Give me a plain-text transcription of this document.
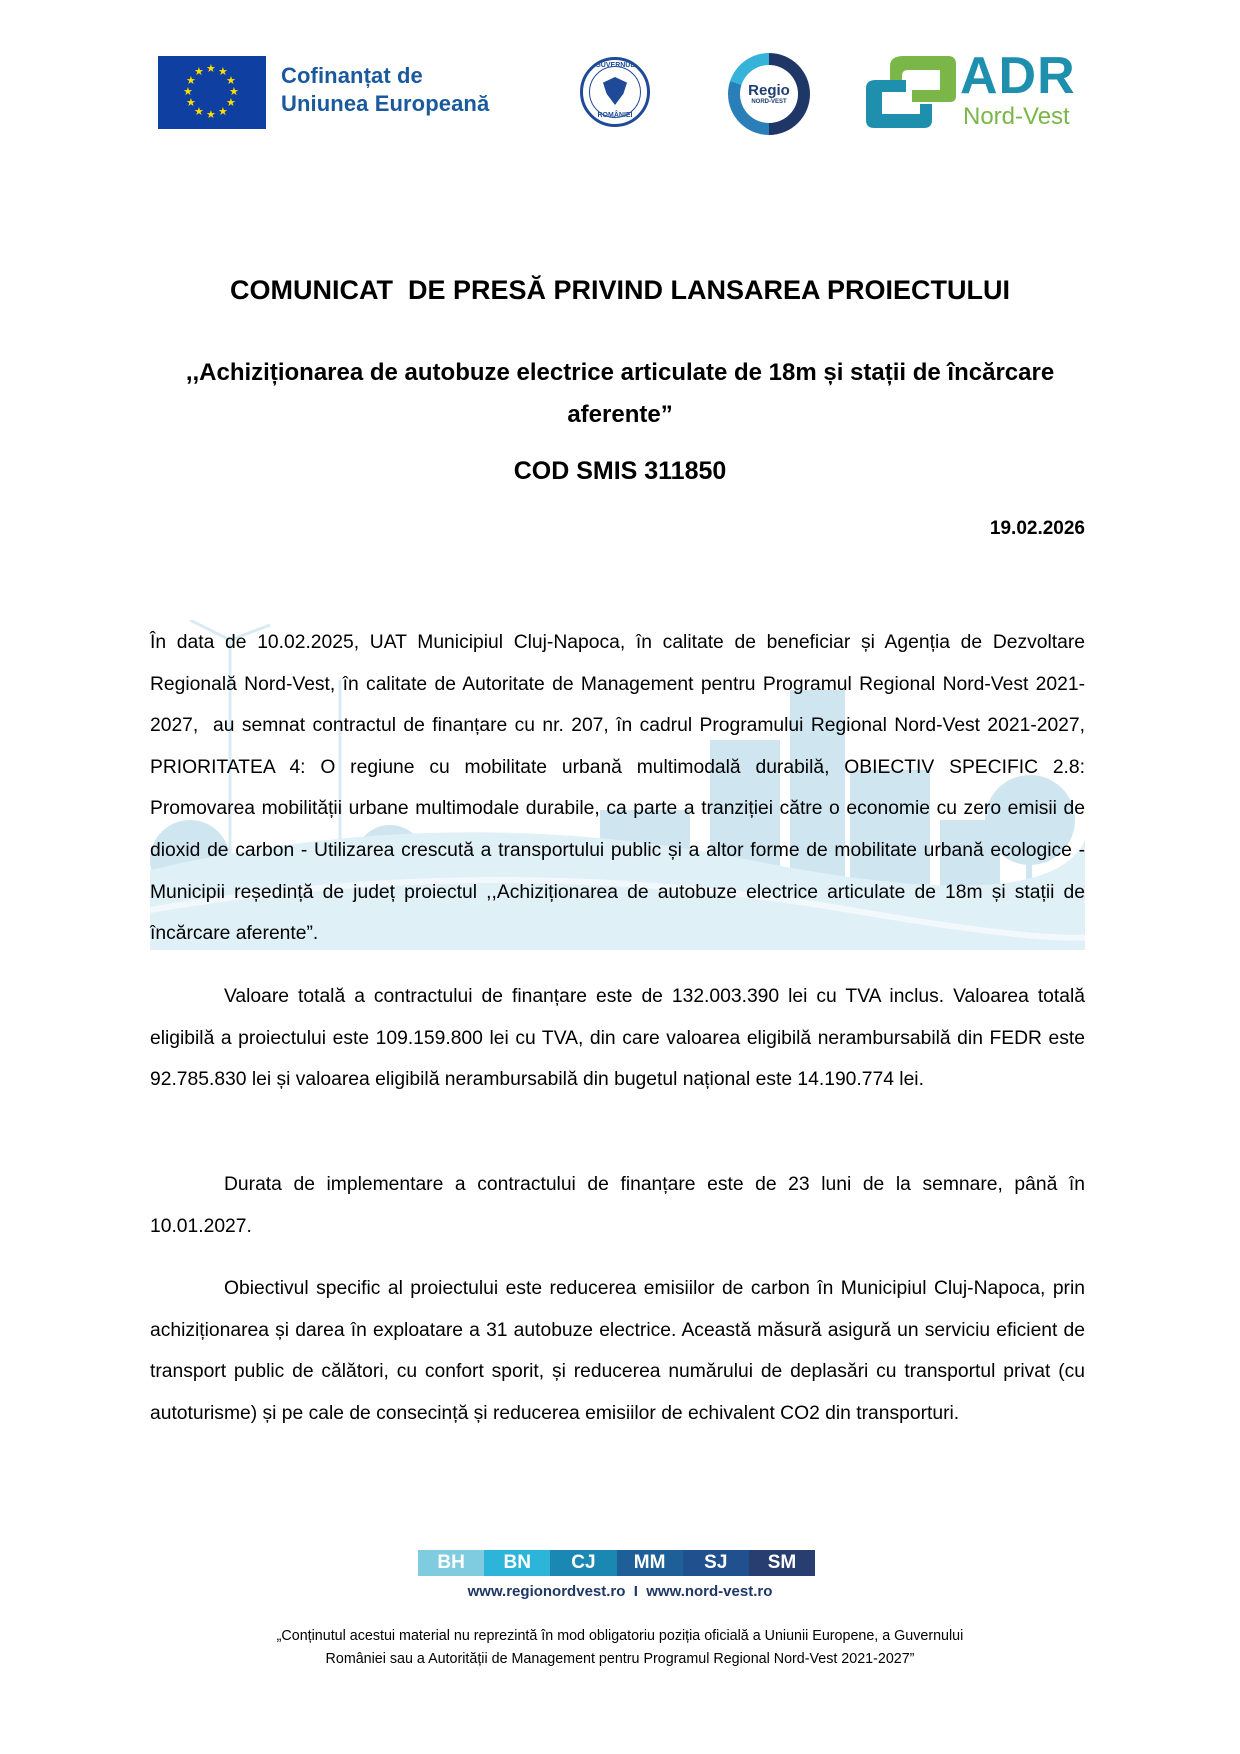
★ ★
★
★
★
★
★
★
★
★
★
★	Cofinanțat de
Uniunea Europeană
GUVERNUL
ROMÂNIEI
Regio
NORD-VEST	ADR
Nord-Vest
COMUNICAT  DE PRESĂ PRIVIND LANSAREA PROIECTULUI
,,Achiziționarea de autobuze electrice articulate de 18m și stații de încărcare aferente”
COD SMIS 311850
19.02.2026
În data de 10.02.2025, UAT Municipiul Cluj-Napoca, în calitate de beneficiar și Agenția de Dezvoltare Regională Nord-Vest, în calitate de Autoritate de Management pentru Programul Regional Nord-Vest 2021-2027,  au semnat contractul de finanțare cu nr. 207, în cadrul Programului Regional Nord-Vest 2021-2027, PRIORITATEA 4: O regiune cu mobilitate urbană multimodală durabilă, OBIECTIV SPECIFIC 2.8: Promovarea mobilității urbane multimodale durabile, ca parte a tranziției către o economie cu zero emisii de dioxid de carbon - Utilizarea crescută a transportului public și a altor forme de mobilitate urbană ecologice - Municipii reședință de județ proiectul ,,Achiziționarea de autobuze electrice articulate de 18m și stații de încărcare aferente”.
Valoare totală a contractului de finanțare este de 132.003.390 lei cu TVA inclus. Valoarea totală eligibilă a proiectului este 109.159.800 lei cu TVA, din care valoarea eligibilă nerambursabilă din FEDR este 92.785.830 lei și valoarea eligibilă nerambursabilă din bugetul național este 14.190.774 lei.
Durata de implementare a contractului de finanțare este de 23 luni de la semnare, până în 10.01.2027.
Obiectivul specific al proiectului este reducerea emisiilor de carbon în Municipiul Cluj-Napoca, prin achiziționarea și darea în exploatare a 31 autobuze electrice. Această măsură asigură un serviciu eficient de transport public de călători, cu confort sporit, și reducerea numărului de deplasări cu transportul privat (cu autoturisme) și pe cale de consecință și reducerea emisiilor de echivalent CO2 din transporturi.
BH	BN	CJ	MM	SJ	SM
www.regionordvest.ro  I  www.nord-vest.ro
„Conținutul acestui material nu reprezintă în mod obligatoriu poziția oficială a Uniunii Europene, a Guvernului
României sau a Autorității de Management pentru Programul Regional Nord-Vest 2021-2027”
